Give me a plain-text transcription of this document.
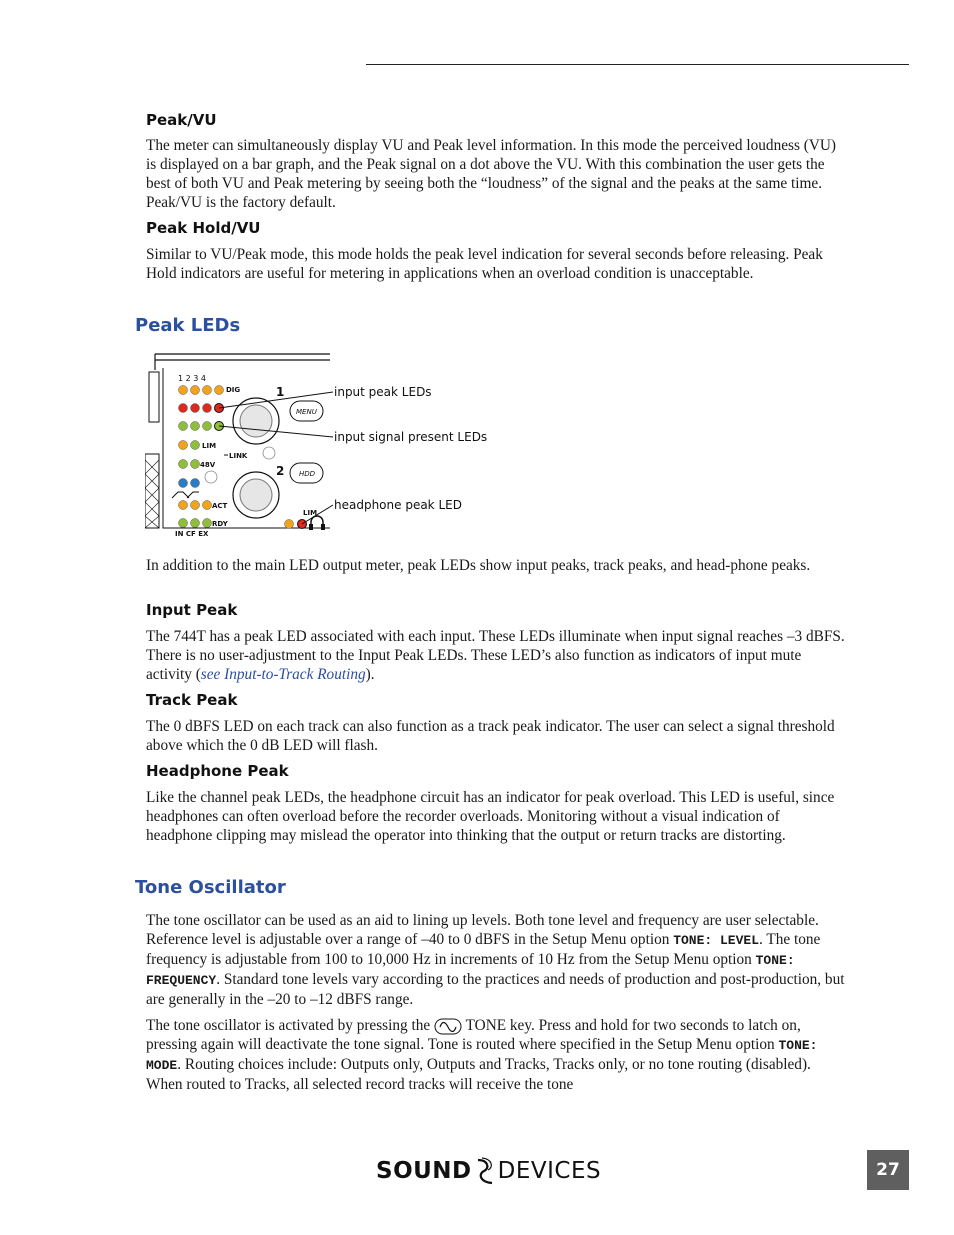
Peak/VU

The meter can simultaneously display VU and Peak level information. In this mode the perceived loudness (VU) is displayed on a bar graph, and the Peak signal on a dot above the VU. With this combination the user gets the best of both VU and Peak metering by seeing both the “loudness” of the signal and the peaks at the same time. Peak/VU is the factory default.

Peak Hold/VU

Similar to VU/Peak mode, this mode holds the peak level indication for several seconds before releasing. Peak Hold indicators are useful for metering in applications when an overload condition is unacceptable.

Peak LEDs
1 2 3 4
DIG
LIM
LINK
48V
ACT
RDY
IN CF EX
1
2
MENU
HDD
LIM
input peak LEDs
input signal present LEDs
headphone peak LED

In addition to the main LED output meter, peak LEDs show input peaks, track peaks, and head-phone peaks.

Input Peak

The 744T has a peak LED associated with each input. These LEDs illuminate when input signal reaches –3 dBFS. There is no user-adjustment to the Input Peak LEDs. These LED’s also function as indicators of input mute activity (see Input-to-Track Routing).

Track Peak

The 0 dBFS LED on each track can also function as a track peak indicator. The user can select a signal threshold above which the 0 dB LED will flash.

Headphone Peak

Like the channel peak LEDs, the headphone circuit has an indicator for peak overload. This LED is useful, since headphones can often overload before the recorder overloads. Monitoring without a visual indication of headphone clipping may mislead the operator into thinking that the output or return tracks are distorting.

Tone Oscillator

The tone oscillator can be used as an aid to lining up levels. Both tone level and frequency are user selectable. Reference level is adjustable over a range of –40 to 0 dBFS in the Setup Menu option TONE: LEVEL. The tone frequency is adjustable from 100 to 10,000 Hz in increments of 10 Hz from the Setup Menu option TONE: FREQUENCY. Standard tone levels vary according to the practices and needs of production and post-production, but are generally in the –20 to –12 dBFS range.

The tone oscillator is activated by pressing the TONE key. Press and hold for two seconds to latch on, pressing again will deactivate the tone signal. Tone is routed where specified in the Setup Menu option TONE: MODE. Routing choices include: Outputs only, Outputs and Tracks, Tracks only, or no tone routing (disabled). When routed to Tracks, all selected record tracks will receive the tone

SOUND DEVICES	27
